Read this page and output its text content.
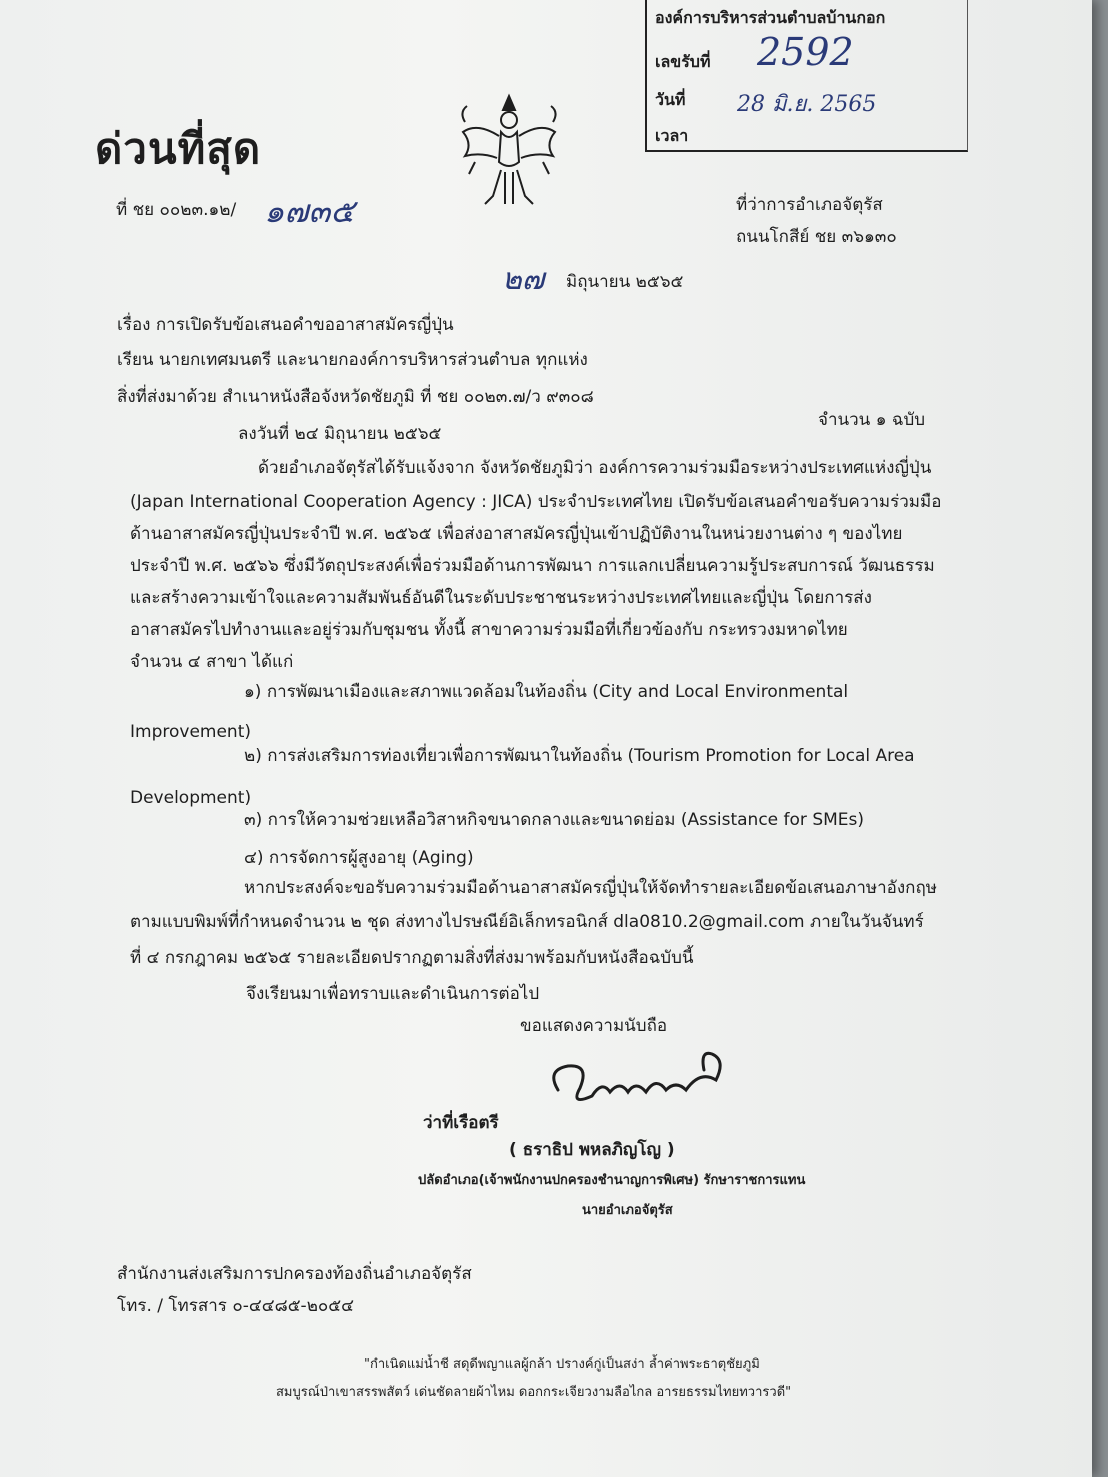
องค์การบริหารส่วนตำบลบ้านกอก
เลขรับที่ 2592
วันที่ 28 มิ.ย. 2565
เวลา
ด่วนที่สุด
ที่ ชย ๐๐๒๓.๑๒/ ๑๗๓๕	ที่ว่าการอำเภอจัตุรัส
ถนนโกสีย์ ชย ๓๖๑๓๐
๒๗ มิถุนายน ๒๕๖๕
เรื่อง การเปิดรับข้อเสนอคำขออาสาสมัครญี่ปุ่น
เรียน นายกเทศมนตรี และนายกองค์การบริหารส่วนตำบล ทุกแห่ง
สิ่งที่ส่งมาด้วย สำเนาหนังสือจังหวัดชัยภูมิ ที่ ชย ๐๐๒๓.๗/ว ๙๓๐๘
ลงวันที่ ๒๔ มิถุนายน ๒๕๖๕
จำนวน ๑ ฉบับ
ด้วยอำเภอจัตุรัสได้รับแจ้งจาก จังหวัดชัยภูมิว่า องค์การความร่วมมือระหว่างประเทศแห่งญี่ปุ่น
(Japan International Cooperation Agency : JICA) ประจำประเทศไทย เปิดรับข้อเสนอคำขอรับความร่วมมือ
ด้านอาสาสมัครญี่ปุ่นประจำปี พ.ศ. ๒๕๖๕ เพื่อส่งอาสาสมัครญี่ปุ่นเข้าปฏิบัติงานในหน่วยงานต่าง ๆ ของไทย
ประจำปี พ.ศ. ๒๕๖๖ ซึ่งมีวัตถุประสงค์เพื่อร่วมมือด้านการพัฒนา การแลกเปลี่ยนความรู้ประสบการณ์ วัฒนธรรม
และสร้างความเข้าใจและความสัมพันธ์อันดีในระดับประชาชนระหว่างประเทศไทยและญี่ปุ่น โดยการส่ง
อาสาสมัครไปทำงานและอยู่ร่วมกับชุมชน ทั้งนี้ สาขาความร่วมมือที่เกี่ยวข้องกับ กระทรวงมหาดไทย
จำนวน ๔ สาขา ได้แก่
๑) การพัฒนาเมืองและสภาพแวดล้อมในท้องถิ่น (City and Local Environmental
Improvement)
๒) การส่งเสริมการท่องเที่ยวเพื่อการพัฒนาในท้องถิ่น (Tourism Promotion for Local Area
Development)
๓) การให้ความช่วยเหลือวิสาหกิจขนาดกลางและขนาดย่อม (Assistance for SMEs)
๔) การจัดการผู้สูงอายุ (Aging)
หากประสงค์จะขอรับความร่วมมือด้านอาสาสมัครญี่ปุ่นให้จัดทำรายละเอียดข้อเสนอภาษาอังกฤษ
ตามแบบพิมพ์ที่กำหนดจำนวน ๒ ชุด ส่งทางไปรษณีย์อิเล็กทรอนิกส์ dla0810.2@gmail.com ภายในวันจันทร์
ที่ ๔ กรกฎาคม ๒๕๖๕ รายละเอียดปรากฏตามสิ่งที่ส่งมาพร้อมกับหนังสือฉบับนี้
จึงเรียนมาเพื่อทราบและดำเนินการต่อไป
ขอแสดงความนับถือ
ว่าที่เรือตรี
( ธราธิป พหลภิญโญ )
ปลัดอำเภอ(เจ้าพนักงานปกครองชำนาญการพิเศษ) รักษาราชการแทน
นายอำเภอจัตุรัส
สำนักงานส่งเสริมการปกครองท้องถิ่นอำเภอจัตุรัส
โทร. / โทรสาร ๐-๔๔๘๕-๒๐๕๔
"กำเนิดแม่น้ำชี สดุดีพญาแลผู้กล้า ปรางค์กู่เป็นสง่า ล้ำค่าพระธาตุชัยภูมิ
สมบูรณ์ป่าเขาสรรพสัตว์ เด่นชัดลายผ้าไหม ดอกกระเจียวงามลือไกล อารยธรรมไทยทวารวดี"
